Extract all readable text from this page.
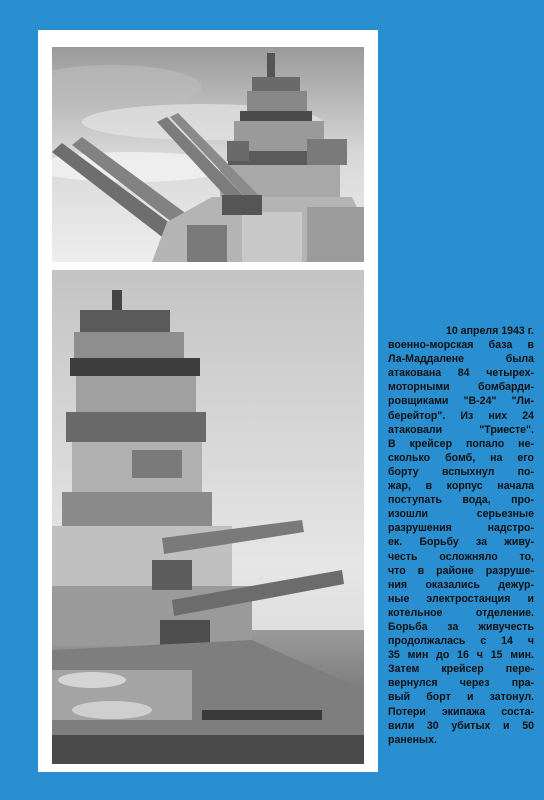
10 апреля 1943 г.
военно-морская база в
Ла-Маддалене была
атакована 84 четырех-
моторными бомбарди-
ровщиками "B-24" "Ли-
берейтор". Из них 24
атаковали "Триесте".
В крейсер попало не-
сколько бомб, на его
борту вспыхнул по-
жар, в корпус начала
поступать вода, про-
изошли серьезные
разрушения надстро-
ек. Борьбу за живу-
честь осложняло то,
что в районе разруше-
ния оказались дежур-
ные электростанция и
котельное отделение.
Борьба за живучесть
продолжалась с 14 ч
35 мин до 16 ч 15 мин.
Затем крейсер пере-
вернулся через пра-
вый борт и затонул.
Потери экипажа соста-
вили 30 убитых и 50
раненых.
